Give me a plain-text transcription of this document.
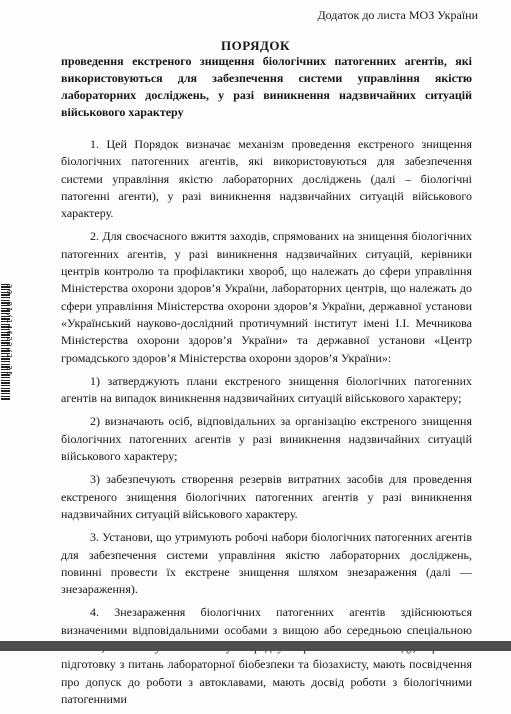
Додаток до листа МОЗ України
ПОРЯДОК
проведення екстреного знищення біологічних патогенних агентів, які використовуються для забезпечення системи управління якістю лабораторних досліджень, у разі виникнення надзвичайних ситуацій військового характеру

1. Цей Порядок визначає механізм проведення екстреного знищення біологічних патогенних агентів, які використовуються для забезпечення системи управління якістю лабораторних досліджень (далі – біологічні патогенні агенти), у разі виникнення надзвичайних ситуацій військового характеру.

2. Для своєчасного вжиття заходів, спрямованих на знищення біологічних патогенних агентів, у разі виникнення надзвичайних ситуацій, керівники центрів контролю та профілактики хвороб, що належать до сфери управління Міністерства охорони здоров’я України, лабораторних центрів, що належать до сфери управління Міністерства охорони здоров’я України, державної установи «Український науково-дослідний протичумний інститут імені І.І. Мечникова Міністерства охорони здоров’я України» та державної установи «Центр громадського здоров’я Міністерства охорони здоров’я України»:

1) затверджують плани екстреного знищення біологічних патогенних агентів на випадок виникнення надзвичайних ситуацій військового характеру;

2) визначають осіб, відповідальних за організацію екстреного знищення біологічних патогенних агентів у разі виникнення надзвичайних ситуацій військового характеру;

3) забезпечують створення резервів витратних засобів для проведення екстреного знищення біологічних патогенних агентів у разі виникнення надзвичайних ситуацій військового характеру.

3. Установи, що утримують робочі набори біологічних патогенних агентів для забезпечення системи управління якістю лабораторних досліджень, повинні провести їх екстрене знищення шляхом знезараження (далі — знезараження).

4. Знезараження біологічних патогенних агентів здійснюються визначеними відповідальними особами з вищою або середньою спеціальною підготовку з питань лабораторної біобезпеки та біозахисту, мають посвідчення про допуск до роботи з автоклавами, мають досвід роботи з біологічними патогенними

30-01/14622/2-25
